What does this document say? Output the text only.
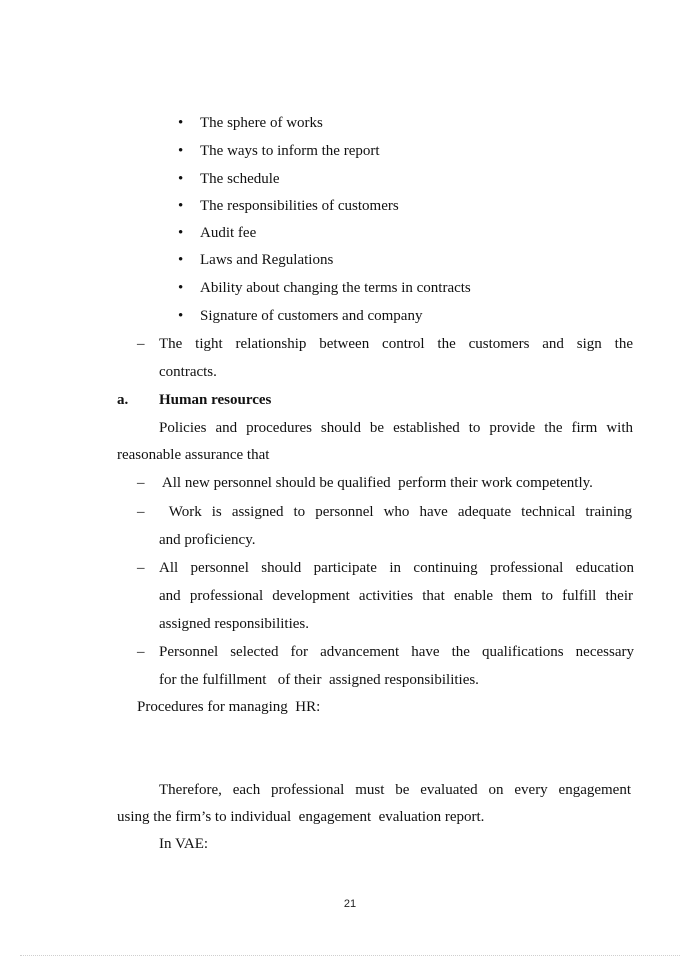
• The sphere of works
• The ways to inform the report
• The schedule
• The responsibilities of customers
• Audit fee
• Laws and Regulations
• Ability about changing the terms in contracts
• Signature of customers and company
– The tight relationship between control the customers and sign the
contracts.
a. Human resources
Policies and procedures should be established to provide the firm with
reasonable assurance that
– All new personnel should be qualified  perform their work competently.
– Work is assigned to personnel who have adequate technical training
and proficiency.
– All personnel should participate in continuing professional education
and professional development activities that enable them to fulfill their
assigned responsibilities.
– Personnel selected for advancement have the qualifications necessary
for the fulfillment   of their  assigned responsibilities.
Procedures for managing  HR:
Therefore, each professional must be evaluated on every engagement
using the firm’s to individual  engagement  evaluation report.
In VAE:
21
